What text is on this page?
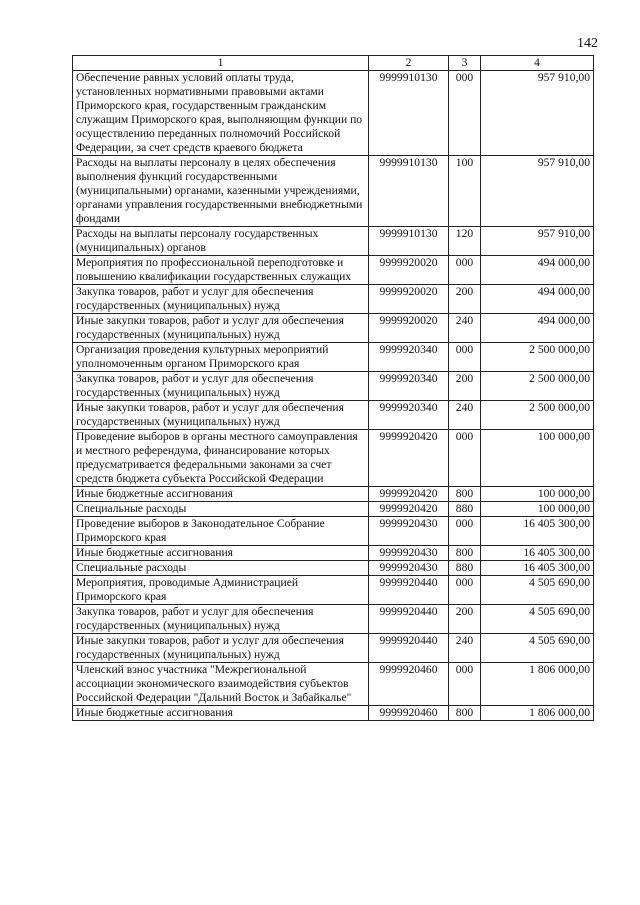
142
1	2	3	4
Обеспечение равных условий оплаты труда, установленных нормативными правовыми актами Приморского края, государственным гражданским служащим Приморского края, выполняющим функции по осуществлению переданных полномочий Российской Федерации, за счет средств краевого бюджета	9999910130	000	957 910,00
Расходы на выплаты персоналу в целях обеспечения выполнения функций государственными (муниципальными) органами, казенными учреждениями, органами управления государственными внебюджетными фондами	9999910130	100	957 910,00
Расходы на выплаты персоналу государственных (муниципальных) органов	9999910130	120	957 910,00
Мероприятия по профессиональной переподготовке и повышению квалификации государственных служащих	9999920020	000	494 000,00
Закупка товаров, работ и услуг для обеспечения государственных (муниципальных) нужд	9999920020	200	494 000,00
Иные закупки товаров, работ и услуг для обеспечения государственных (муниципальных) нужд	9999920020	240	494 000,00
Организация проведения культурных мероприятий уполномоченным органом Приморского края	9999920340	000	2 500 000,00
Закупка товаров, работ и услуг для обеспечения государственных (муниципальных) нужд	9999920340	200	2 500 000,00
Иные закупки товаров, работ и услуг для обеспечения государственных (муниципальных) нужд	9999920340	240	2 500 000,00
Проведение выборов в органы местного самоуправления и местного референдума, финансирование которых предусматривается федеральными законами за счет средств бюджета субъекта Российской Федерации	9999920420	000	100 000,00
Иные бюджетные ассигнования	9999920420	800	100 000,00
Специальные расходы	9999920420	880	100 000,00
Проведение выборов в Законодательное Собрание Приморского края	9999920430	000	16 405 300,00
Иные бюджетные ассигнования	9999920430	800	16 405 300,00
Специальные расходы	9999920430	880	16 405 300,00
Мероприятия, проводимые Администрацией Приморского края	9999920440	000	4 505 690,00
Закупка товаров, работ и услуг для обеспечения государственных (муниципальных) нужд	9999920440	200	4 505 690,00
Иные закупки товаров, работ и услуг для обеспечения государственных (муниципальных) нужд	9999920440	240	4 505 690,00
Членский взнос участника "Межрегиональной ассоциации экономического взаимодействия субъектов Российской Федерации "Дальний Восток и Забайкалье"	9999920460	000	1 806 000,00
Иные бюджетные ассигнования	9999920460	800	1 806 000,00
